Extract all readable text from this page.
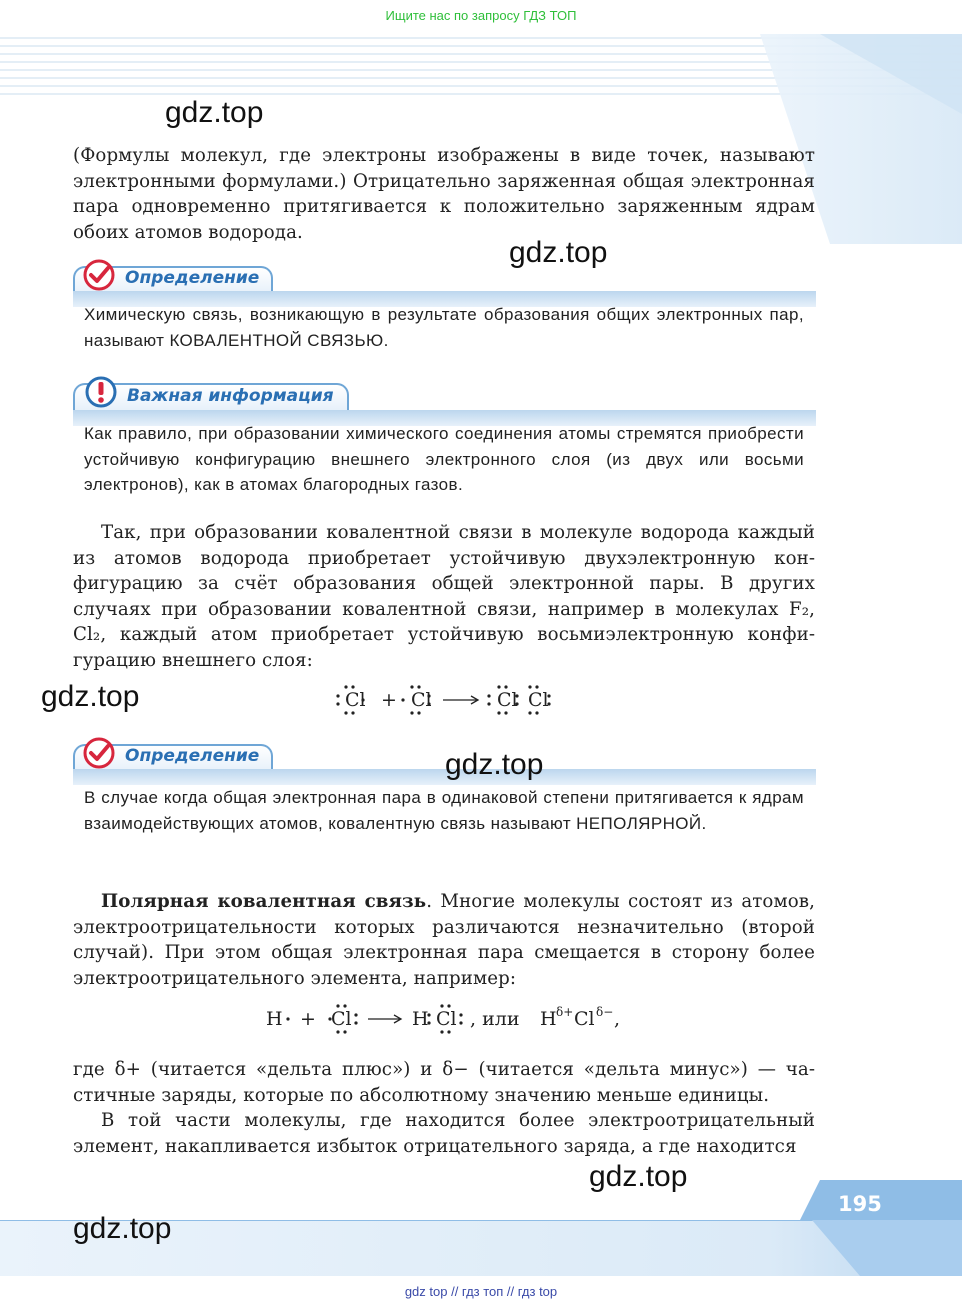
Ищите нас по запросу ГДЗ ТОП
gdz.top
(Формулы молекул, где электроны изображены в виде точек, называют электронными формулами.) Отрицательно заряженная общая электронная пара одновременно притягивается к положительно заряженным ядрам обоих атомов водорода.
gdz.top
Определение
Химическую связь, возникающую в результате образования общих электронных пар, называют КОВАЛЕНТНОЙ СВЯЗЬЮ.
Важная информация
Как правило, при образовании химического соединения атомы стремятся приобрести устойчивую конфигурацию внешнего электронного слоя (из двух или восьми электронов), как в атомах благородных газов.
Так, при образовании ковалентной связи в молекуле водорода каждый из атомов водорода приобретает устойчивую двухэлектронную конфигурацию за счёт образования общей электронной пары. В других случаях при образовании ковалентной связи, например в молекулах F₂, Cl₂, каждый атом приобретает устойчивую восьмиэлектронную конфигурацию внешнего слоя:
gdz.top	Cl + Cl	Cl Cl
Определение	gdz.top
В случае когда общая электронная пара в одинаковой степени притягивается к ядрам взаимодействующих атомов, ковалентную связь называют НЕПОЛЯРНОЙ.
Полярная ковалентная связь. Многие молекулы состоят из атомов, электроотрицательности которых различаются незначительно (второй случай). При этом общая электронная пара смещается в сторону более электроотрицательного элемента, например:
H + Cl	H Cl , или H δ+ Cl δ− ,
где δ+ (читается «дельта плюс») и δ− (читается «дельта минус») — частичные заряды, которые по абсолютному значению меньше единицы.
В той части молекулы, где находится более электроотрицательный элемент, накапливается избыток отрицательного заряда, а где находится
gdz.top
195
gdz.top
gdz top // гдз топ // гдз top
